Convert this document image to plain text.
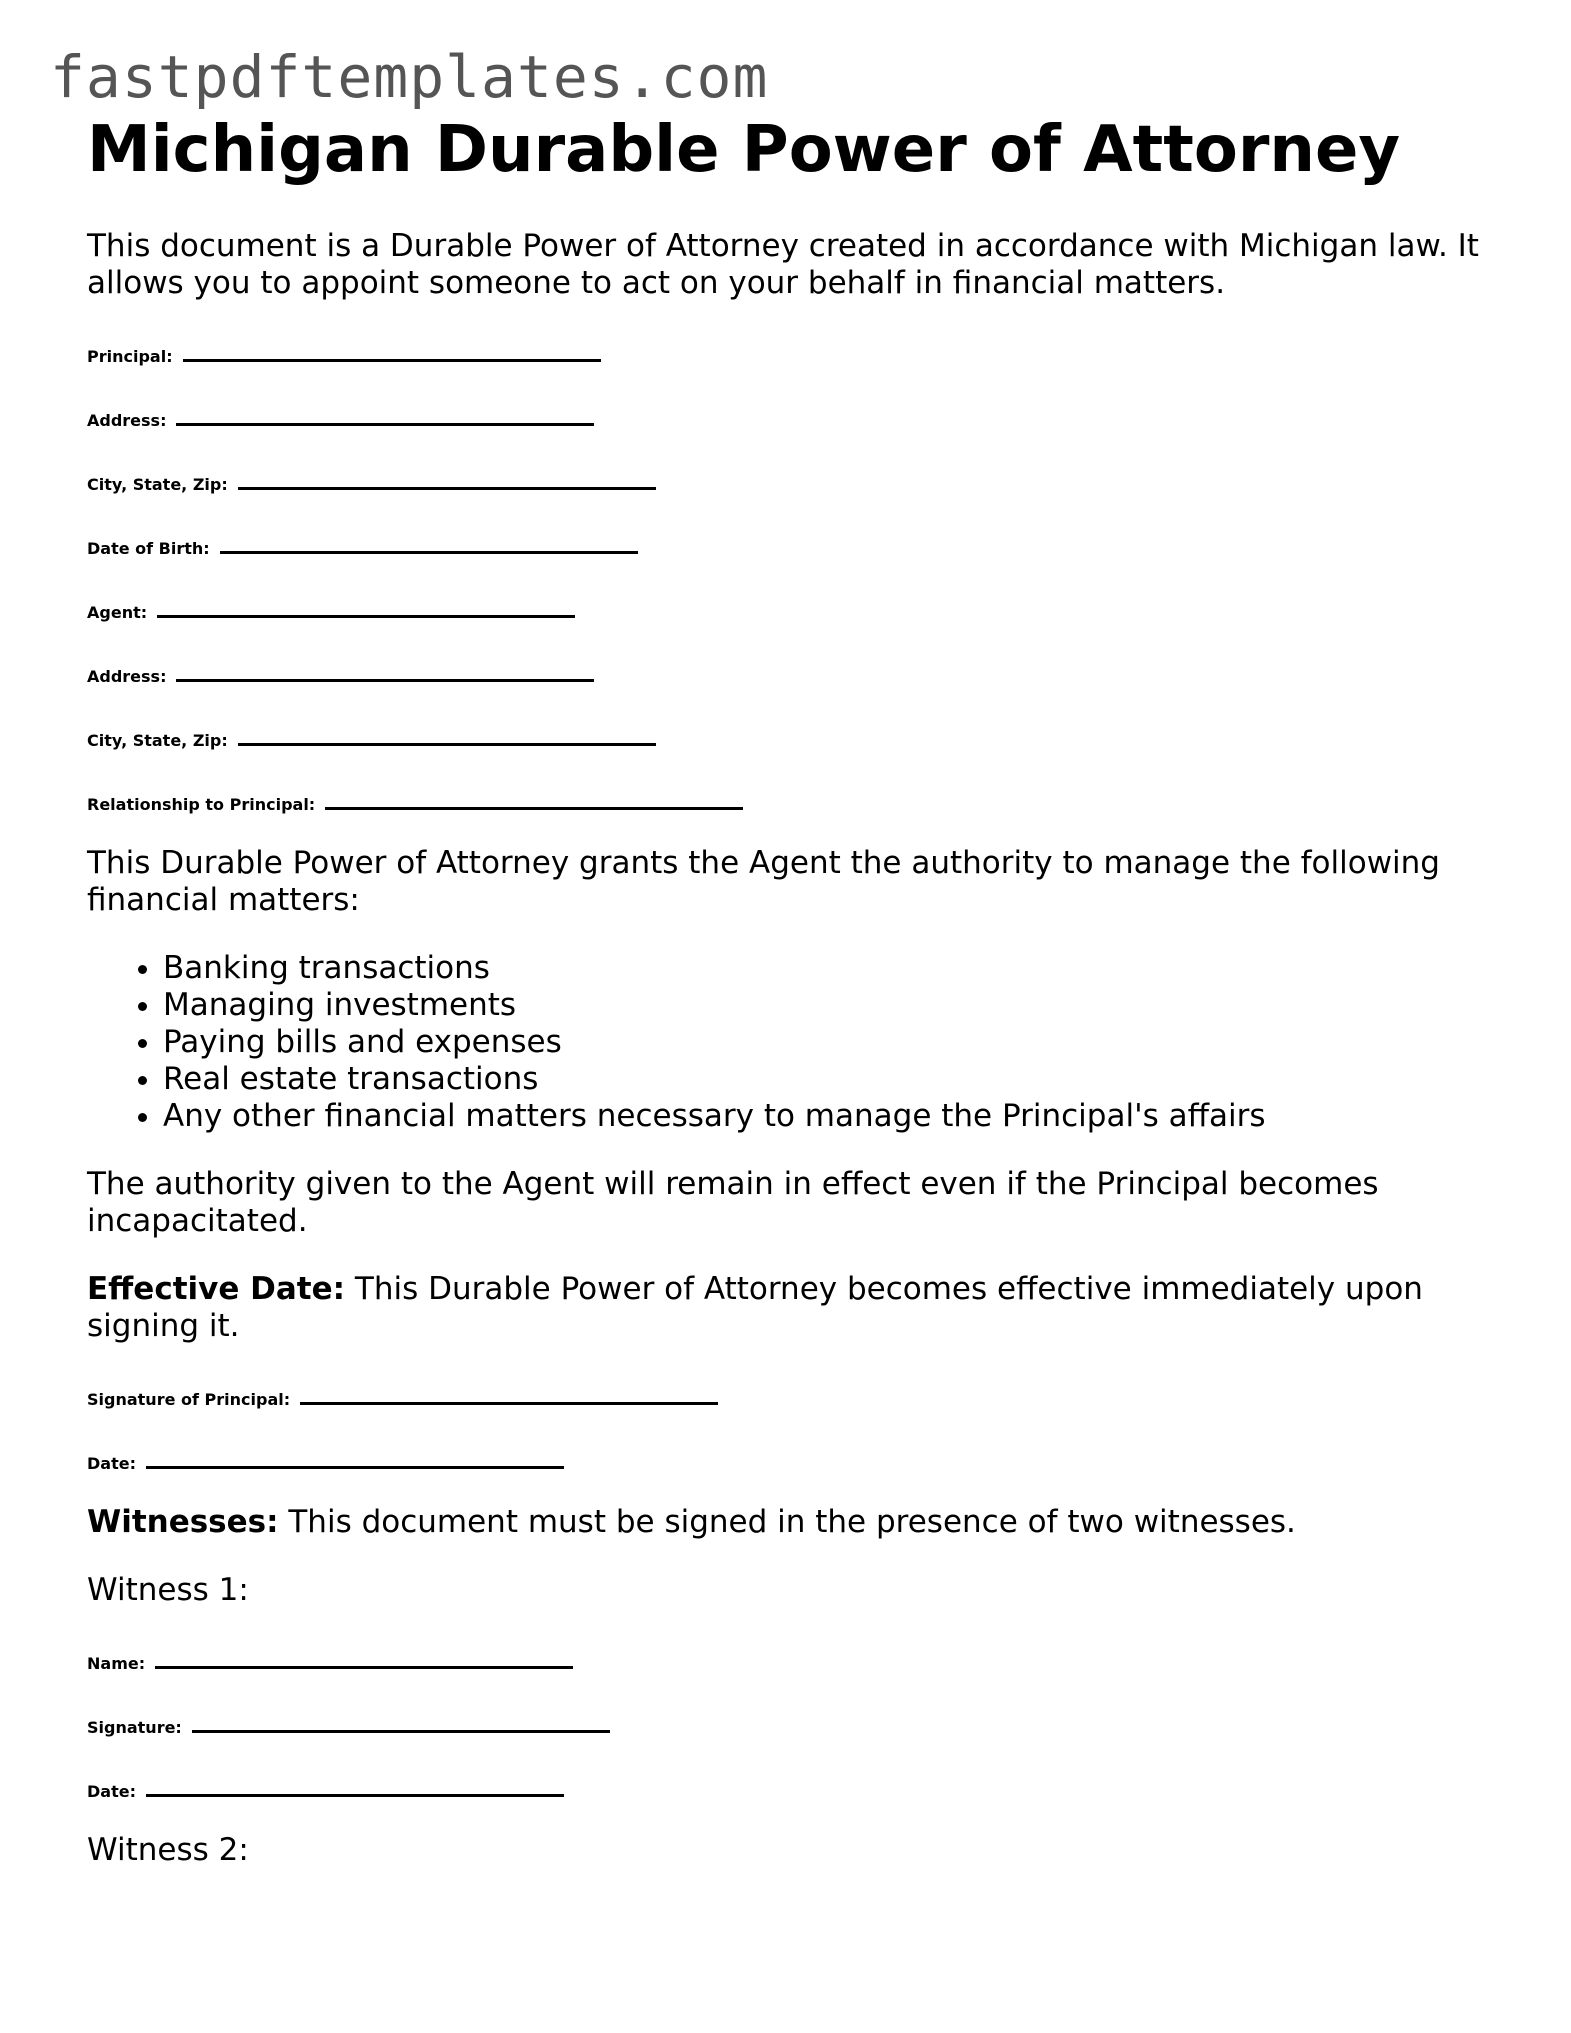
fastpdftemplates.com
Michigan Durable Power of Attorney

This document is a Durable Power of Attorney created in accordance with Michigan law. It allows you to appoint someone to act on your behalf in financial matters.

Principal:
Address:
City, State, Zip:
Date of Birth:
Agent:
Address:
City, State, Zip:
Relationship to Principal:

This Durable Power of Attorney grants the Agent the authority to manage the following financial matters:

• Banking transactions
• Managing investments
• Paying bills and expenses
• Real estate transactions
• Any other financial matters necessary to manage the Principal's affairs

The authority given to the Agent will remain in effect even if the Principal becomes incapacitated.

Effective Date: This Durable Power of Attorney becomes effective immediately upon signing it.

Signature of Principal:
Date:

Witnesses: This document must be signed in the presence of two witnesses.

Witness 1:

Name:
Signature:
Date:

Witness 2:
